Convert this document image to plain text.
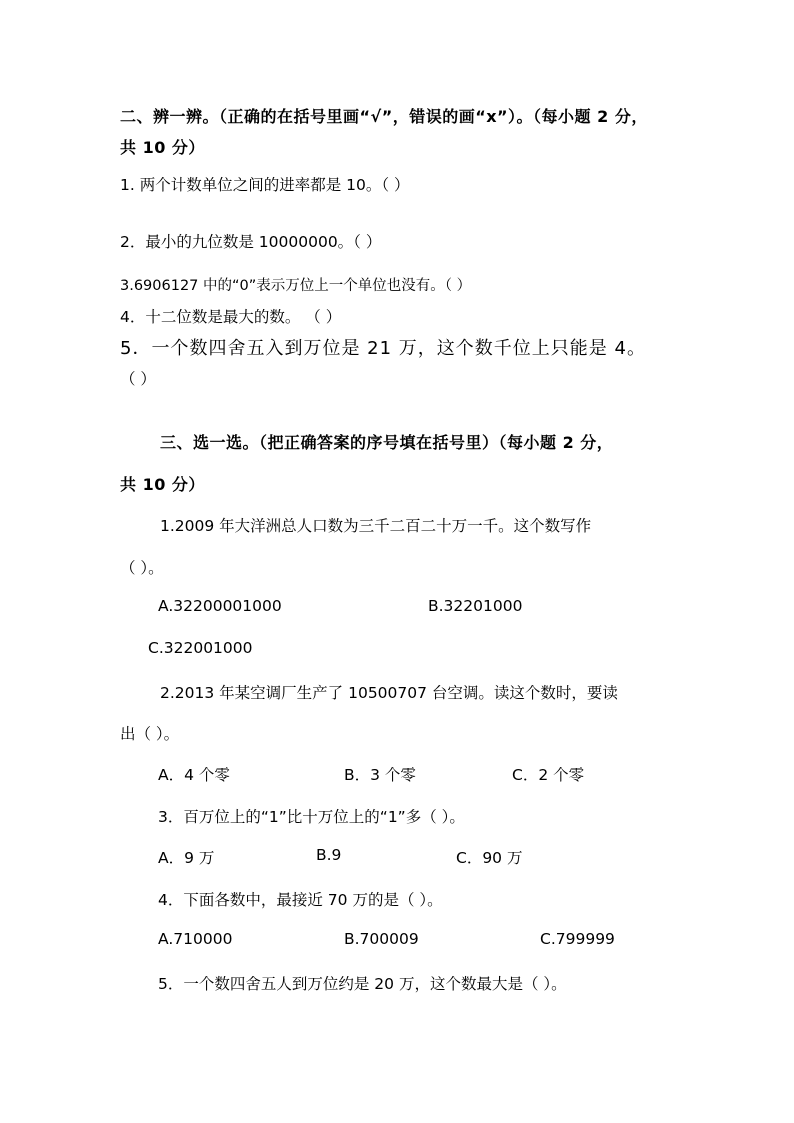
二、辨一辨。（正确的在括号里画“√”，错误的画“x”）。（每小题 2 分，
共 10 分）
1. 两个计数单位之间的进率都是 10。（ ）
2．最小的九位数是 10000000。（ ）
3.6906127 中的“0”表示万位上一个单位也没有。（ ）
4．十二位数是最大的数。 （ ）
5．一个数四舍五入到万位是 21 万，这个数千位上只能是 4。
（ ）
三、选一选。（把正确答案的序号填在括号里）（每小题 2 分，
共 10 分）
1.2009 年大洋洲总人口数为三千二百二十万一千。这个数写作
（ ）。
A.32200001000	B.32201000
C.322001000
2.2013 年某空调厂生产了 10500707 台空调。读这个数时，要读
出（ ）。
A．4 个零	B．3 个零	C．2 个零
3．百万位上的“1”比十万位上的“1”多（ ）。
A．9 万	B.9	C．90 万
4．下面各数中，最接近 70 万的是（ ）。
A.710000	B.700009	C.799999
5．一个数四舍五人到万位约是 20 万，这个数最大是（ ）。
